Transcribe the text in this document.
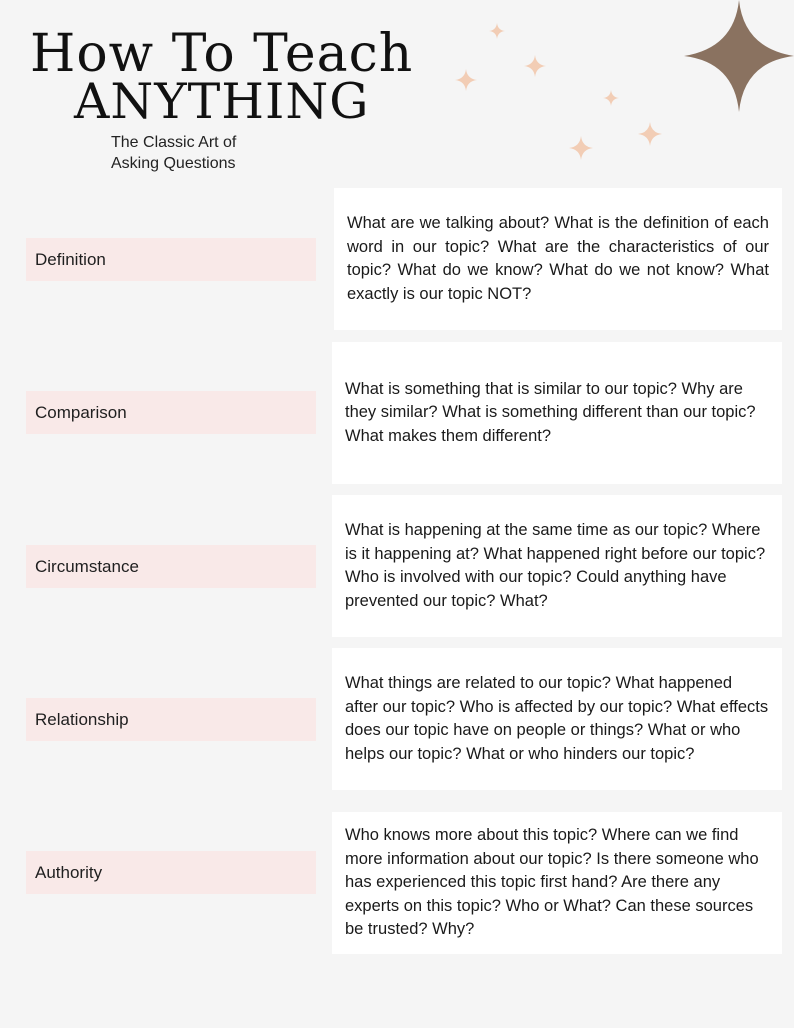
How To Teach
ANYTHING
The Classic Art of
Asking Questions
Definition

What are we talking about? What is the definition of each word in our topic? What are the characteristics of our topic? What do we know? What do we not know? What exactly is our topic NOT?

Comparison

What is something that is similar to our topic? Why are they similar? What is something different than our topic? What makes them different?

Circumstance

What is happening at the same time as our topic? Where is it happening at? What happened right before our topic? Who is involved with our topic? Could anything have prevented our topic? What?

Relationship

What things are related to our topic? What happened after our topic? Who is affected by our topic? What effects does our topic have on people or things? What or who helps our topic? What or who hinders our topic?

Authority

Who knows more about this topic? Where can we find more information about our topic? Is there someone who has experienced this topic first hand? Are there any experts on this topic? Who or What? Can these sources be trusted? Why?
